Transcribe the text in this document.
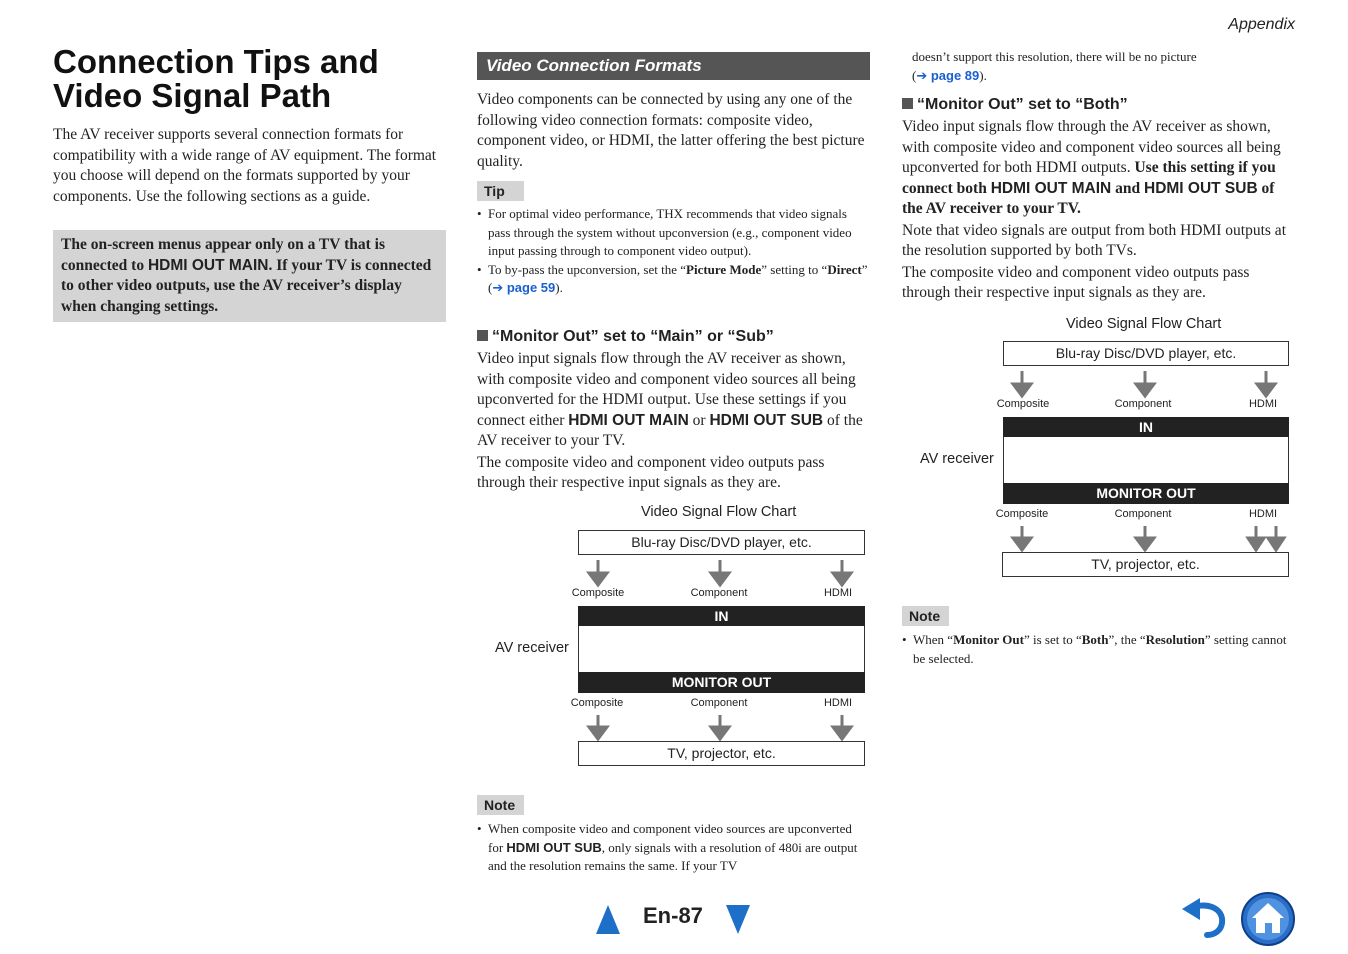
Appendix
Connection Tips and
Video Signal Path
The AV receiver supports several connection formats for compatibility with a wide range of AV equipment. The format you choose will depend on the formats supported by your components. Use the following sections as a guide.
The on-screen menus appear only on a TV that is connected to HDMI OUT MAIN. If your TV is connected to other video outputs, use the AV receiver’s display when changing settings.
Video Connection Formats
Video components can be connected by using any one of the following video connection formats: composite video, component video, or HDMI, the latter offering the best picture quality.
Tip
• For optimal video performance, THX recommends that video signals pass through the system without upconversion (e.g., component video input passing through to component video output).
• To by-pass the upconversion, set the “Picture Mode” setting to “Direct” (➔ page 59).
“Monitor Out” set to “Main” or “Sub”
Video input signals flow through the AV receiver as shown, with composite video and component video sources all being upconverted for the HDMI output. Use these settings if you connect either HDMI OUT MAIN or HDMI OUT SUB of the AV receiver to your TV.
The composite video and component video outputs pass through their respective input signals as they are.
Video Signal Flow Chart
Blu-ray Disc/DVD player, etc.
Composite	Component	HDMI
IN
MONITOR OUT
AV receiver
Composite	Component	HDMI
TV, projector, etc.
Note
• When composite video and component video sources are upconverted for HDMI OUT SUB, only signals with a resolution of 480i are output and the resolution remains the same. If your TV
doesn’t support this resolution, there will be no picture
(➔ page 89).
“Monitor Out” set to “Both”
Video input signals flow through the AV receiver as shown, with composite video and component video sources all being upconverted for both HDMI outputs. Use this setting if you connect both HDMI OUT MAIN and HDMI OUT SUB of the AV receiver to your TV.
Note that video signals are output from both HDMI outputs at the resolution supported by both TVs.
The composite video and component video outputs pass through their respective input signals as they are.
Video Signal Flow Chart
Blu-ray Disc/DVD player, etc.
Composite	Component	HDMI
IN
MONITOR OUT
AV receiver
Composite	Component	HDMI
TV, projector, etc.
Note
• When “Monitor Out” is set to “Both”, the “Resolution” setting cannot be selected.
En-87
